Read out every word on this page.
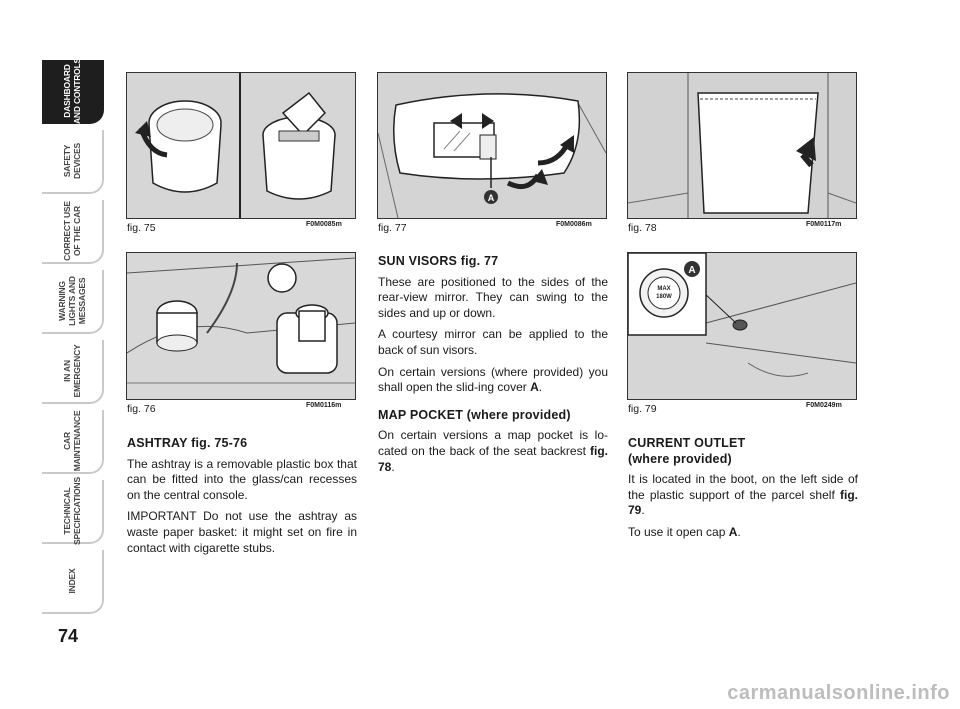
DASHBOARD
AND CONTROLS
SAFETY
DEVICES
CORRECT USE
OF THE CAR
WARNING
LIGHTS AND
MESSAGES
IN AN
EMERGENCY
CAR
MAINTENANCE
TECHNICAL
SPECIFICATIONS
INDEX
74
fig. 75	F0M0085m
fig. 76	F0M0116m
A
fig. 77	F0M0086m	fig. 78	F0M0117m
MAX
180W
A
fig. 79	F0M0249m
ASHTRAY fig. 75-76

The ashtray is a removable plastic box that can be fitted into the glass/can recesses on the central console.

IMPORTANT Do not use the ashtray as waste paper basket: it might set on fire in contact with cigarette stubs.

SUN VISORS fig. 77

These are positioned to the sides of the rear-view mirror. They can swing to the sides and up or down.

A courtesy mirror can be applied to the back of sun visors.

On certain versions (where provided) you shall open the slid-ing cover A.

MAP POCKET (where provided)

On certain versions a map pocket is lo-cated on the back of the seat backrest fig. 78.

CURRENT OUTLET
(where provided)

It is located in the boot, on the left side of the plastic support of the parcel shelf fig. 79.

To use it open cap A.

carmanualsonline.info
